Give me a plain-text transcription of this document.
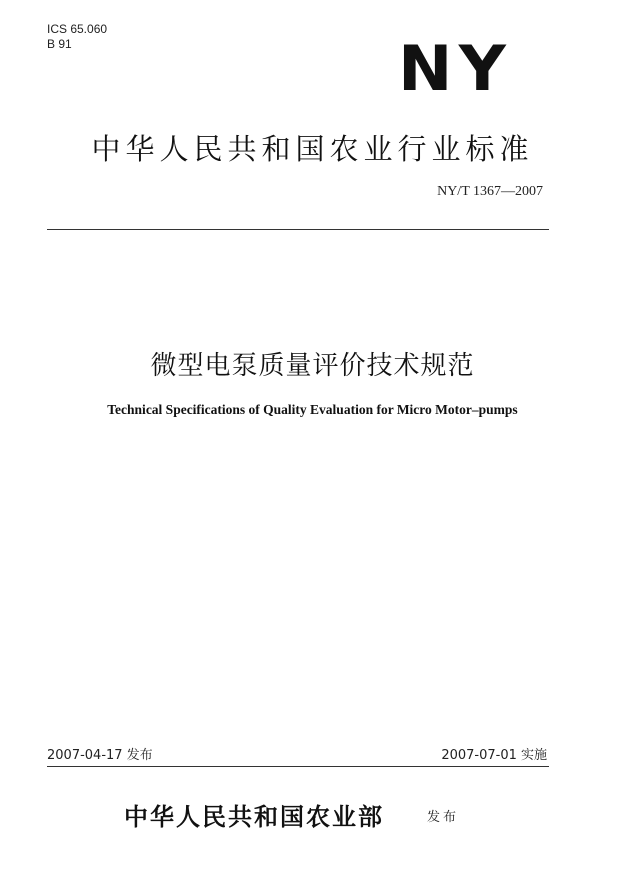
ICS 65.060
B 91	NY
中华人民共和国农业行业标准
NY/T 1367—2007
微型电泵质量评价技术规范
Technical Specifications of Quality Evaluation for Micro Motor–pumps
2007-04-17 发布	2007-07-01 实施
中华人民共和国农业部	发布
